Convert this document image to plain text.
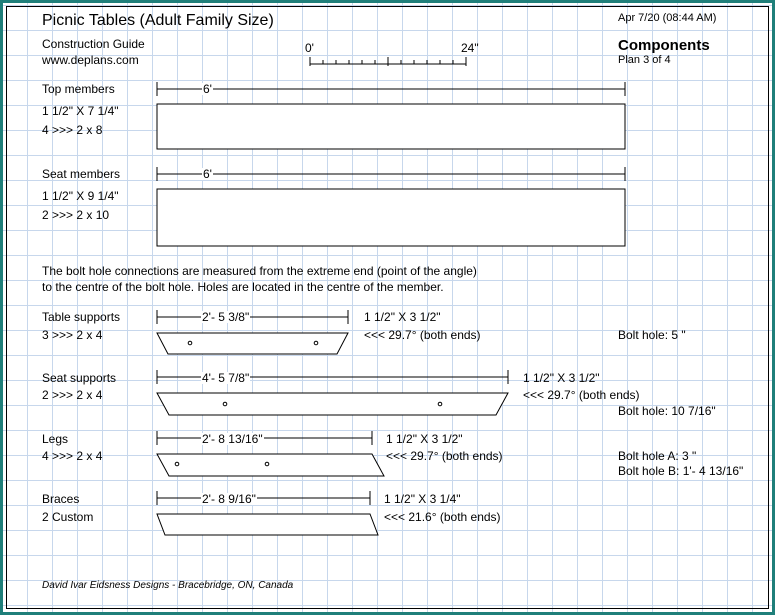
Picnic Tables (Adult Family Size)	Apr 7/20 (08:44 AM)
Construction Guide
www.deplans.com
Components
Plan 3 of 4
0'	24"
Top members
1 1/2" X 7 1/4"
4 >>> 2 x 8
6'
Seat members
1 1/2" X 9 1/4"
2 >>> 2 x 10
6'
The bolt hole connections are measured from the extreme end (point of the angle)
to the centre of the bolt hole. Holes are located in the centre of the member.
Table supports
3 >>> 2 x 4
2'- 5 3/8"	1 1/2" X 3 1/2"
<<< 29.7° (both ends)	Bolt hole: 5 "
Seat supports
2 >>> 2 x 4
4'- 5 7/8"	1 1/2" X 3 1/2"
<<< 29.7° (both ends)
Bolt hole: 10 7/16"
Legs
4 >>> 2 x 4
2'- 8 13/16"	1 1/2" X 3 1/2"
<<< 29.7° (both ends)	Bolt hole A: 3 "
Bolt hole B: 1'- 4 13/16"
Braces
2 Custom
2'- 8 9/16"	1 1/2" X 3 1/4"
<<< 21.6° (both ends)
David Ivar Eidsness Designs - Bracebridge, ON, Canada
